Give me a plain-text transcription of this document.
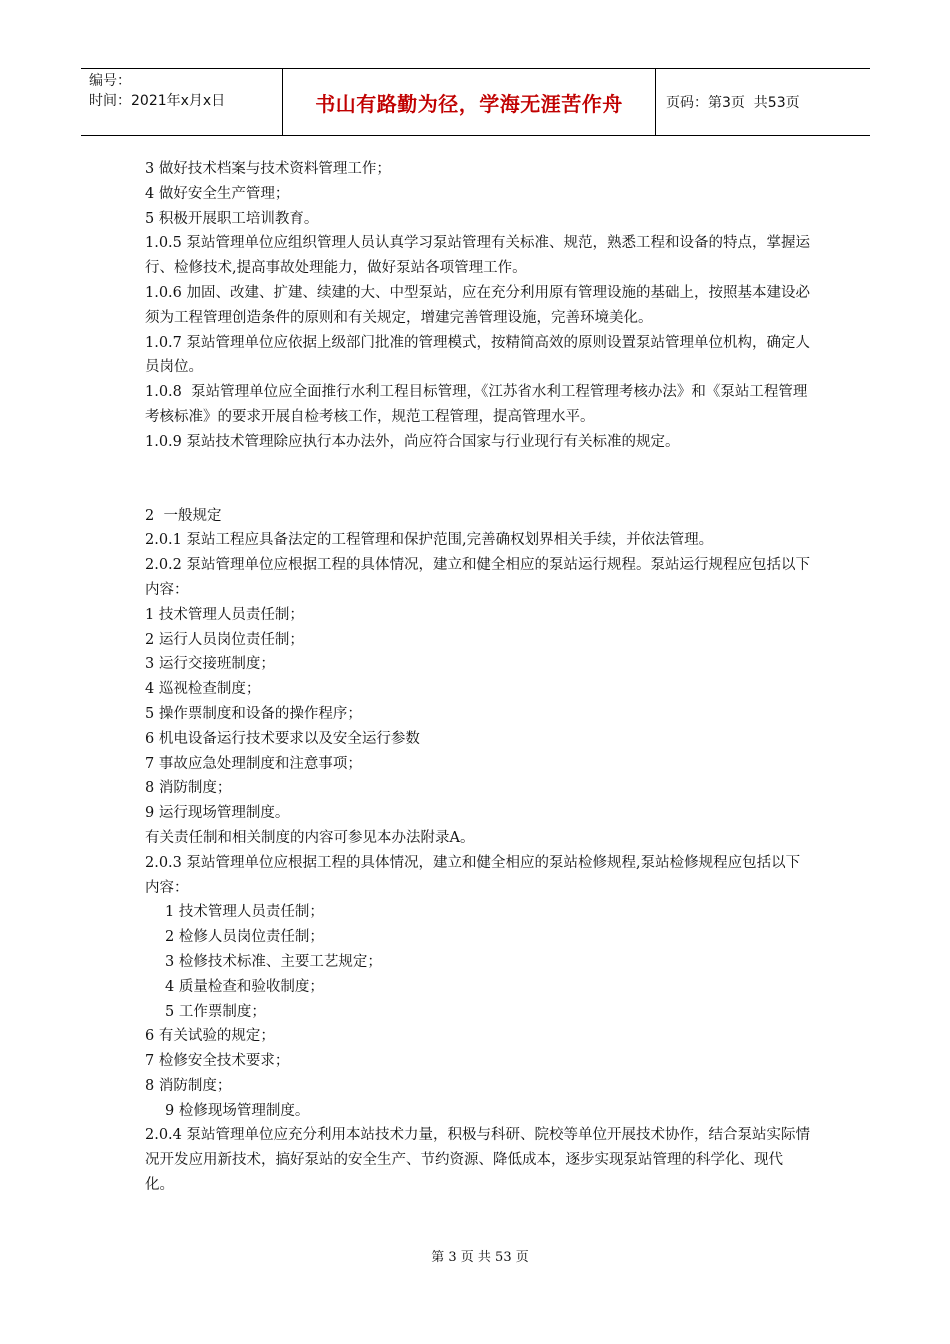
编号：
时间：2021年x月x日	书山有路勤为径，学海无涯苦作舟	页码：第3页  共53页

3 做好技术档案与技术资料管理工作；

4 做好安全生产管理；

5 积极开展职工培训教育。

1.0.5 泵站管理单位应组织管理人员认真学习泵站管理有关标准、规范，熟悉工程和设备的特点，掌握运行、检修技术,提高事故处理能力，做好泵站各项管理工作。

1.0.6 加固、改建、扩建、续建的大、中型泵站，应在充分利用原有管理设施的基础上，按照基本建设必须为工程管理创造条件的原则和有关规定，增建完善管理设施，完善环境美化。

1.0.7 泵站管理单位应依据上级部门批准的管理模式，按精简高效的原则设置泵站管理单位机构，确定人员岗位。

1.0.8  泵站管理单位应全面推行水利工程目标管理，《江苏省水利工程管理考核办法》和《泵站工程管理考核标准》的要求开展自检考核工作，规范工程管理，提高管理水平。

1.0.9 泵站技术管理除应执行本办法外，尚应符合国家与行业现行有关标准的规定。

2  一般规定

2.0.1 泵站工程应具备法定的工程管理和保护范围,完善确权划界相关手续，并依法管理。

2.0.2 泵站管理单位应根据工程的具体情况，建立和健全相应的泵站运行规程。泵站运行规程应包括以下内容：

1 技术管理人员责任制；

2 运行人员岗位责任制；

3 运行交接班制度；

4 巡视检查制度；

5 操作票制度和设备的操作程序；

6 机电设备运行技术要求以及安全运行参数

7 事故应急处理制度和注意事项；

8 消防制度；

9 运行现场管理制度。

有关责任制和相关制度的内容可参见本办法附录A。

2.0.3 泵站管理单位应根据工程的具体情况，建立和健全相应的泵站检修规程,泵站检修规程应包括以下内容：

1 技术管理人员责任制；

2 检修人员岗位责任制；

3 检修技术标准、主要工艺规定；

4 质量检查和验收制度；

5 工作票制度；

6 有关试验的规定；

7 检修安全技术要求；

8 消防制度；

9 检修现场管理制度。

2.0.4 泵站管理单位应充分利用本站技术力量，积极与科研、院校等单位开展技术协作，结合泵站实际情况开发应用新技术，搞好泵站的安全生产、节约资源、降低成本，逐步实现泵站管理的科学化、现代化。

第 3 页 共 53 页
